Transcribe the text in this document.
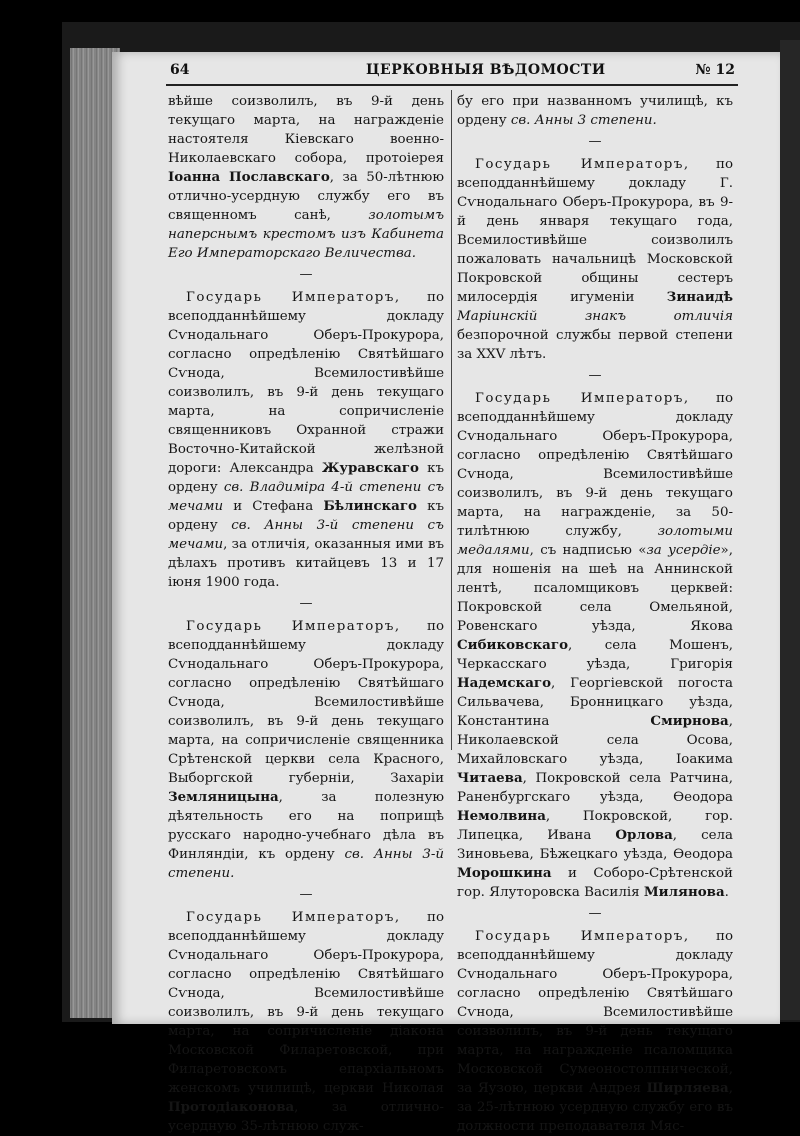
64	ЦЕРКОВНЫЯ ВѢДОМОСТИ	№ 12

вѣйше соизволилъ, въ 9-й день текущаго марта, на награжденіе настоятеля Кіевскаго военно-Николаевскаго собора, протоіерея Іоанна Пославскаго, за 50-лѣтнюю отлично-усердную службу его въ священномъ санѣ, золотымъ наперснымъ крестомъ изъ Кабинета Его Императорскаго Величества.

—

Государь Императоръ, по всеподданнѣйшему докладу Сѵнодальнаго Оберъ-Прокурора, согласно опредѣленію Святѣйшаго Сѵнода, Всемилостивѣйше соизволилъ, въ 9-й день текущаго марта, на сопричисленіе священниковъ Охранной стражи Восточно-Китайской желѣзной дороги: Александра Журавскаго къ ордену св. Владиміра 4-й степени съ мечами и Стефана Бѣлинскаго къ ордену св. Анны 3-й степени съ мечами, за отличія, оказанныя ими въ дѣлахъ противъ китайцевъ 13 и 17 іюня 1900 года.

—

Государь Императоръ, по всеподданнѣйшему докладу Сѵнодальнаго Оберъ-Прокурора, согласно опредѣленію Святѣйшаго Сѵнода, Всемилостивѣйше соизволилъ, въ 9-й день текущаго марта, на сопричисленіе священника Срѣтенской церкви села Красного, Выборгской губерніи, Захаріи Земляницына, за полезную дѣятельность его на поприщѣ русскаго народно-учебнаго дѣла въ Финляндіи, къ ордену св. Анны 3-й степени.

—

Государь Императоръ, по всеподданнѣйшему докладу Сѵнодальнаго Оберъ-Прокурора, согласно опредѣленію Святѣйшаго Сѵнода, Всемилостивѣйше соизволилъ, въ 9-й день текущаго марта, на сопричисленіе діакона Московской Филаретовской, при Филаретовскомъ епархіальномъ женскомъ училищѣ, церкви Николая Протодіаконова, за отлично-усердную 35-лѣтнюю служ-

бу его при названномъ училищѣ, къ ордену св. Анны 3 степени.

—

Государь Императоръ, по всеподданнѣйшему докладу Г. Сѵнодальнаго Оберъ-Прокурора, въ 9-й день января текущаго года, Всемилостивѣйше соизволилъ пожаловать начальницѣ Московской Покровской общины сестеръ милосердія игуменіи Зинаидѣ Маріинскій знакъ отличія безпорочной службы первой степени за XXV лѣтъ.

—

Государь Императоръ, по всеподданнѣйшему докладу Сѵнодальнаго Оберъ-Прокурора, согласно опредѣленію Святѣйшаго Сѵнода, Всемилостивѣйше соизволилъ, въ 9-й день текущаго марта, на награжденіе, за 50-тилѣтнюю службу, золотыми медалями, съ надписью «за усердіе», для ношенія на шеѣ на Аннинской лентѣ, псаломщиковъ церквей: Покровской села Омельяной, Ровенскаго уѣзда, Якова Сибиковскаго, села Мошенъ, Черкасскаго уѣзда, Григорія Надемскаго, Георгіевской погоста Сильвачева, Бронницкаго уѣзда, Константина Смирнова, Николаевской села Осова, Михайловскаго уѣзда, Іоакима Читаева, Покровской села Ратчина, Раненбургскаго уѣзда, Ѳеодора Немолвина, Покровской, гор. Липецка, Ивана Орлова, села Зиновьева, Бѣжецкаго уѣзда, Ѳеодора Морошкина и Соборо-Срѣтенской гор. Ялуторовска Василія Милянова.

—

Государь Императоръ, по всеподданнѣйшему докладу Сѵнодальнаго Оберъ-Прокурора, согласно опредѣленію Святѣйшаго Сѵнода, Всемилостивѣйше соизволилъ, въ 9-й день текущаго марта, на награжденіе псаломщика Московской Сумеоностолпнической, за Яузою, церкви Андрея Ширляева, за 25-лѣтнюю усердную службу его въ должности преподавателя Мяс-
